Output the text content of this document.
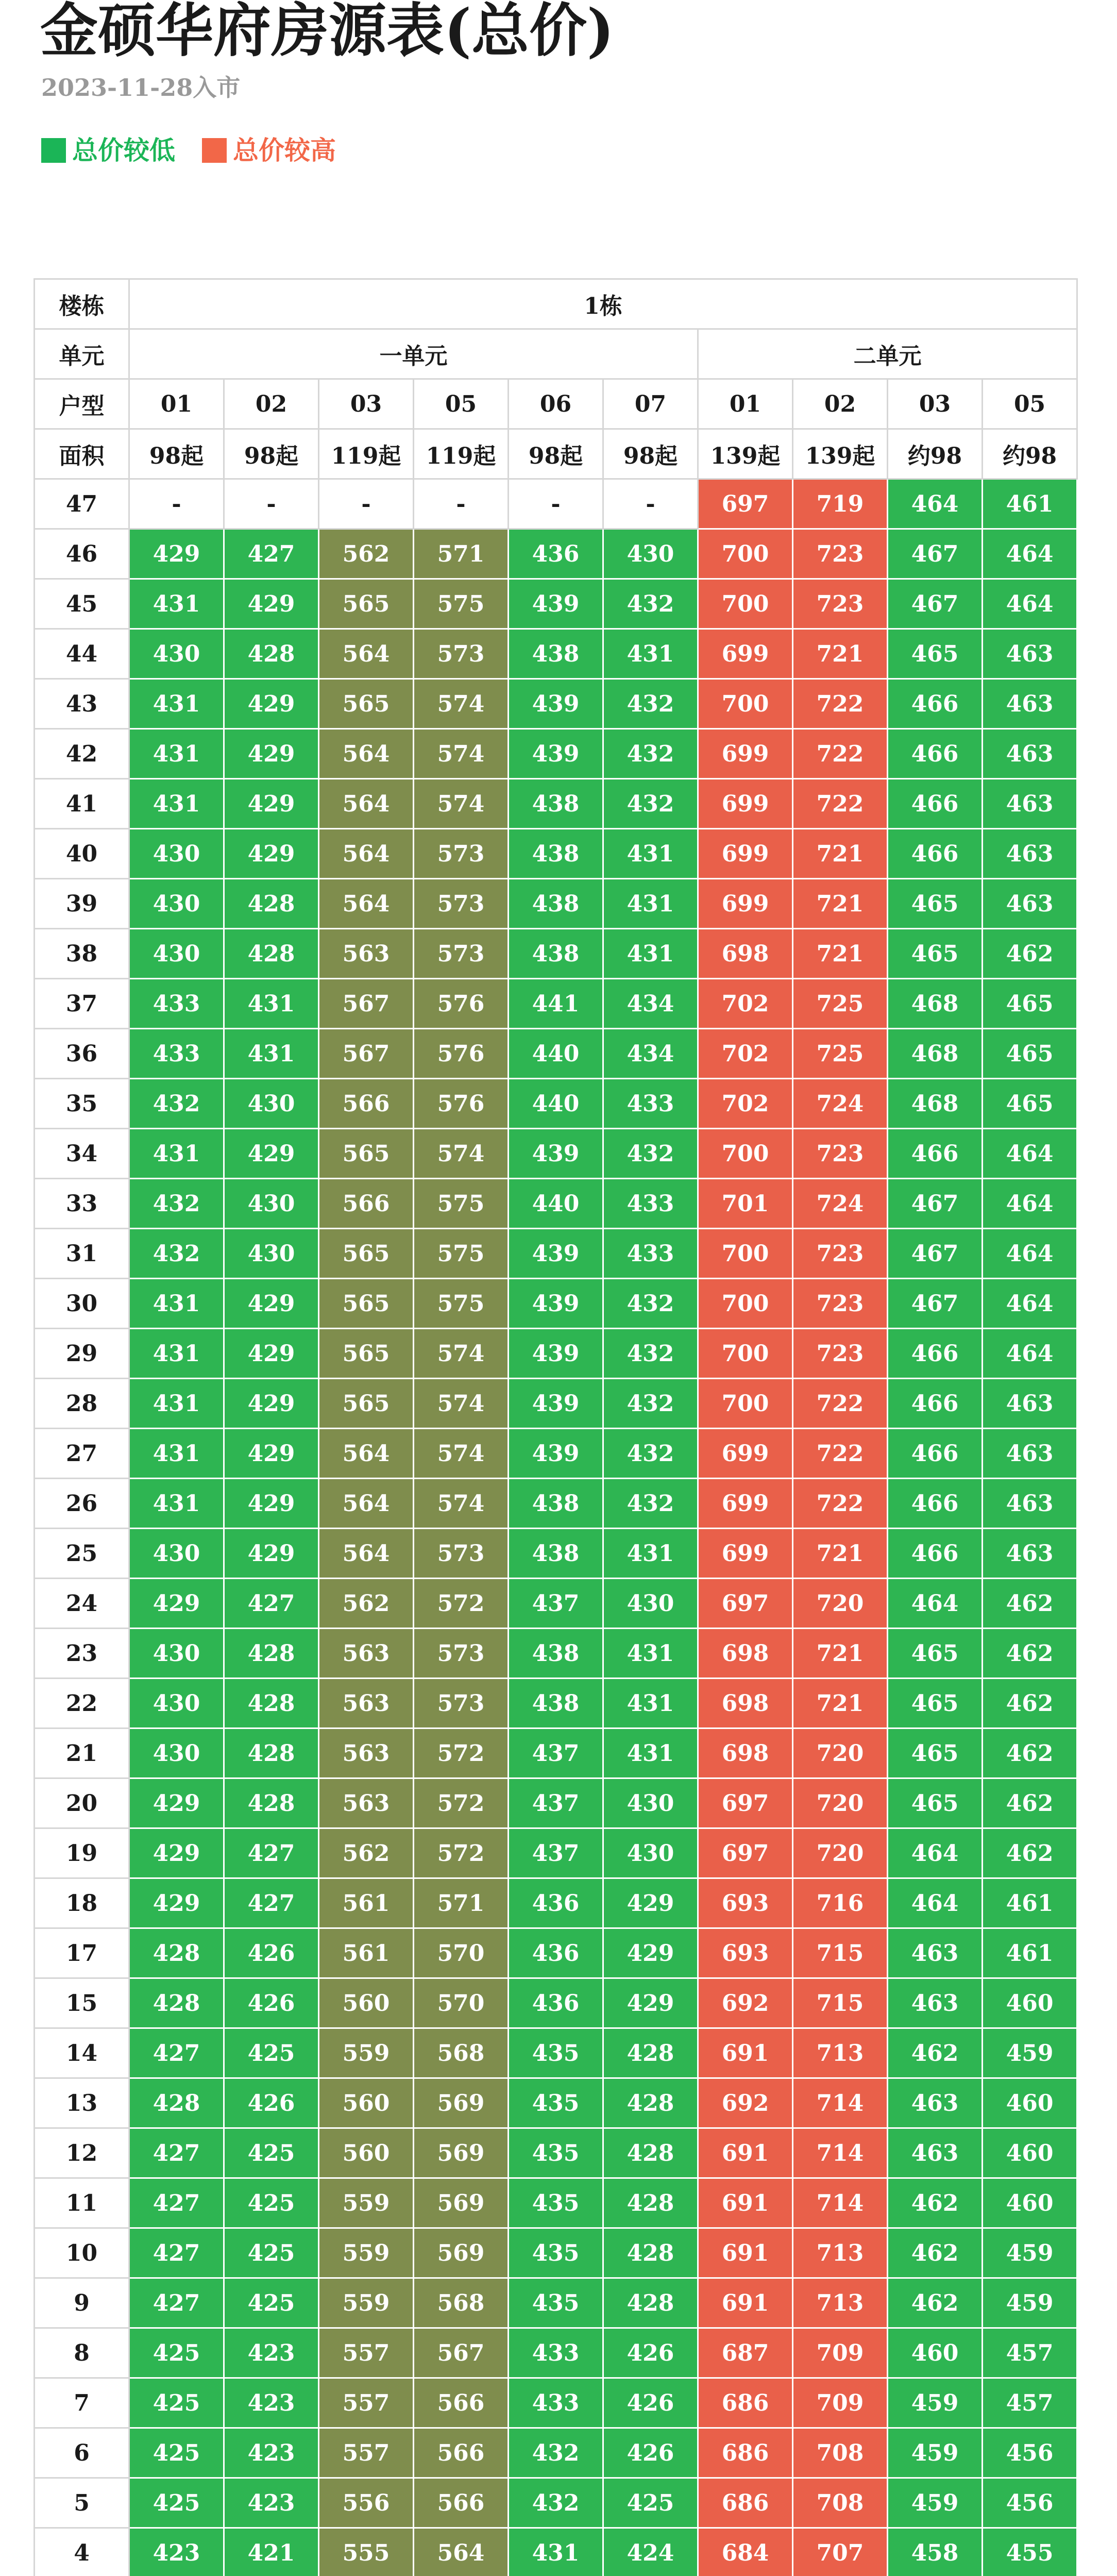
金硕华府房源表(总价)
2023-11-28入市
总价较低 总价较高
楼栋	1栋									
单元	一单元						二单元			
户型	01	02	03	05	06	07	01	02	03	05
面积	98起	98起	119起	119起	98起	98起	139起	139起	约98	约98
47	-	-	-	-	-	-	697	719	464	461
46	429	427	562	571	436	430	700	723	467	464
45	431	429	565	575	439	432	700	723	467	464
44	430	428	564	573	438	431	699	721	465	463
43	431	429	565	574	439	432	700	722	466	463
42	431	429	564	574	439	432	699	722	466	463
41	431	429	564	574	438	432	699	722	466	463
40	430	429	564	573	438	431	699	721	466	463
39	430	428	564	573	438	431	699	721	465	463
38	430	428	563	573	438	431	698	721	465	462
37	433	431	567	576	441	434	702	725	468	465
36	433	431	567	576	440	434	702	725	468	465
35	432	430	566	576	440	433	702	724	468	465
34	431	429	565	574	439	432	700	723	466	464
33	432	430	566	575	440	433	701	724	467	464
31	432	430	565	575	439	433	700	723	467	464
30	431	429	565	575	439	432	700	723	467	464
29	431	429	565	574	439	432	700	723	466	464
28	431	429	565	574	439	432	700	722	466	463
27	431	429	564	574	439	432	699	722	466	463
26	431	429	564	574	438	432	699	722	466	463
25	430	429	564	573	438	431	699	721	466	463
24	429	427	562	572	437	430	697	720	464	462
23	430	428	563	573	438	431	698	721	465	462
22	430	428	563	573	438	431	698	721	465	462
21	430	428	563	572	437	431	698	720	465	462
20	429	428	563	572	437	430	697	720	465	462
19	429	427	562	572	437	430	697	720	464	462
18	429	427	561	571	436	429	693	716	464	461
17	428	426	561	570	436	429	693	715	463	461
15	428	426	560	570	436	429	692	715	463	460
14	427	425	559	568	435	428	691	713	462	459
13	428	426	560	569	435	428	692	714	463	460
12	427	425	560	569	435	428	691	714	463	460
11	427	425	559	569	435	428	691	714	462	460
10	427	425	559	569	435	428	691	713	462	459
9	427	425	559	568	435	428	691	713	462	459
8	425	423	557	567	433	426	687	709	460	457
7	425	423	557	566	433	426	686	709	459	457
6	425	423	557	566	432	426	686	708	459	456
5	425	423	556	566	432	425	686	708	459	456
4	423	421	555	564	431	424	684	707	458	455
